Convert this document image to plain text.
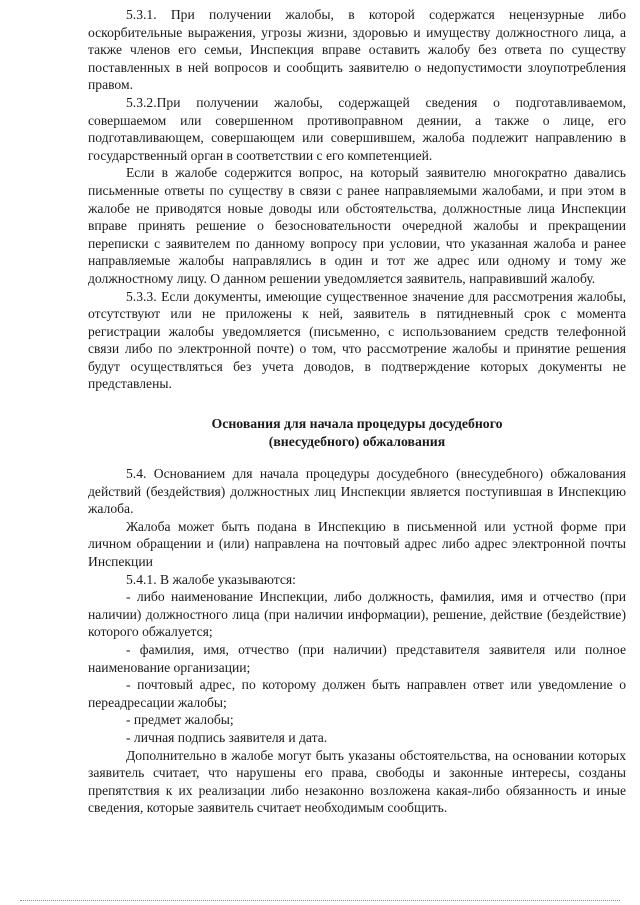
5.3.1. При получении жалобы, в которой содержатся нецензурные либо оскорбительные выражения, угрозы жизни, здоровью и имуществу должностного лица, а также членов его семьи, Инспекция вправе оставить жалобу без ответа по существу поставленных в ней вопросов и сообщить заявителю о недопустимости злоупотребления правом.

5.3.2.При получении жалобы, содержащей сведения о подготавливаемом, совершаемом или совершенном противоправном деянии, а также о лице, его подготавливающем, совершающем или совершившем, жалоба подлежит направлению в государственный орган в соответствии с его компетенцией.

Если в жалобе содержится вопрос, на который заявителю многократно давались письменные ответы по существу в связи с ранее направляемыми жалобами, и при этом в жалобе не приводятся новые доводы или обстоятельства, должностные лица Инспекции вправе принять решение о безосновательности очередной жалобы и прекращении переписки с заявителем по данному вопросу при условии, что указанная жалоба и ранее направляемые жалобы направлялись в один и тот же адрес или одному и тому же должностному лицу. О данном решении уведомляется заявитель, направивший жалобу.

5.3.3. Если документы, имеющие существенное значение для рассмотрения жалобы, отсутствуют или не приложены к ней, заявитель в пятидневный срок с момента регистрации жалобы уведомляется (письменно, с использованием средств телефонной связи либо по электронной почте) о том, что рассмотрение жалобы и принятие решения будут осуществляться без учета доводов, в подтверждение которых документы не представлены.

Основания для начала процедуры досудебного
(внесудебного) обжалования

5.4. Основанием для начала процедуры досудебного (внесудебного) обжалования действий (бездействия) должностных лиц Инспекции является поступившая в Инспекцию жалоба.

Жалоба может быть подана в Инспекцию в письменной или устной форме при личном обращении и (или) направлена на почтовый адрес либо адрес электронной почты Инспекции

5.4.1. В жалобе указываются:

- либо наименование Инспекции, либо должность, фамилия, имя и отчество (при наличии) должностного лица (при наличии информации), решение, действие (бездействие) которого обжалуется;

- фамилия, имя, отчество (при наличии) представителя заявителя или полное наименование организации;

- почтовый адрес, по которому должен быть направлен ответ или уведомление о переадресации жалобы;

- предмет жалобы;

- личная подпись заявителя и дата.

Дополнительно в жалобе могут быть указаны обстоятельства, на основании которых заявитель считает, что нарушены его права, свободы и законные интересы, созданы препятствия к их реализации либо незаконно возложена какая-либо обязанность и иные сведения, которые заявитель считает необходимым сообщить.
